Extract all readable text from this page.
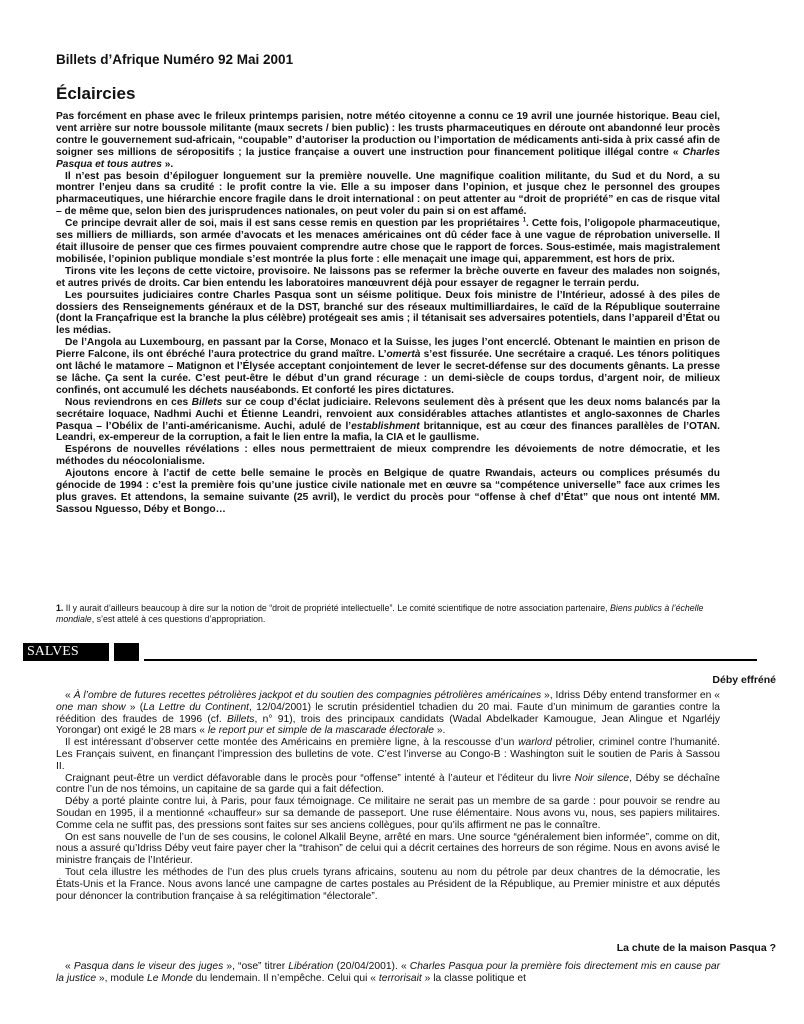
Billets d’Afrique Numéro 92 Mai 2001
Éclaircies

Pas forcément en phase avec le frileux printemps parisien, notre météo citoyenne a connu ce 19 avril une journée historique. Beau ciel, vent arrière sur notre boussole militante (maux secrets / bien public) : les trusts pharmaceutiques en déroute ont abandonné leur procès contre le gouvernement sud-africain, “coupable” d’autoriser la production ou l’importation de médicaments anti-sida à prix cassé afin de soigner ses millions de séropositifs ; la justice française a ouvert une instruction pour financement politique illégal contre « Charles Pasqua et tous autres ».

Il n’est pas besoin d’épiloguer longuement sur la première nouvelle. Une magnifique coalition militante, du Sud et du Nord, a su montrer l’enjeu dans sa crudité : le profit contre la vie. Elle a su imposer dans l’opinion, et jusque chez le personnel des groupes pharmaceutiques, une hiérarchie encore fragile dans le droit international : on peut attenter au “droit de propriété” en cas de risque vital – de même que, selon bien des jurisprudences nationales, on peut voler du pain si on est affamé.

Ce principe devrait aller de soi, mais il est sans cesse remis en question par les propriétaires $^1$. Cette fois, l’oligopole pharmaceutique, ses milliers de milliards, son armée d’avocats et les menaces américaines ont dû céder face à une vague de réprobation universelle. Il était illusoire de penser que ces firmes pouvaient comprendre autre chose que le rapport de forces. Sous-estimée, mais magistralement mobilisée, l’opinion publique mondiale s’est montrée la plus forte : elle menaçait une image qui, apparemment, est hors de prix.

Tirons vite les leçons de cette victoire, provisoire. Ne laissons pas se refermer la brèche ouverte en faveur des malades non soignés, et autres privés de droits. Car bien entendu les laboratoires manœuvrent déjà pour essayer de regagner le terrain perdu.

Les poursuites judiciaires contre Charles Pasqua sont un séisme politique. Deux fois ministre de l’Intérieur, adossé à des piles de dossiers des Renseignements généraux et de la DST, branché sur des réseaux multimilliardaires, le caïd de la République souterraine (dont la Françafrique est la branche la plus célèbre) protégeait ses amis ; il tétanisait ses adversaires potentiels, dans l’appareil d’État ou les médias.

De l’Angola au Luxembourg, en passant par la Corse, Monaco et la Suisse, les juges l’ont encerclé. Obtenant le maintien en prison de Pierre Falcone, ils ont ébréché l’aura protectrice du grand maître. L’omertà s’est fissurée. Une secrétaire a craqué. Les ténors politiques ont lâché le matamore – Matignon et l’Élysée acceptant conjointement de lever le secret-défense sur des documents gênants. La presse se lâche. Ça sent la curée. C’est peut-être le début d’un grand récurage : un demi-siècle de coups tordus, d’argent noir, de milieux confinés, ont accumulé les déchets nauséabonds. Et conforté les pires dictatures.

Nous reviendrons en ces Billets sur ce coup d’éclat judiciaire. Relevons seulement dès à présent que les deux noms balancés par la secrétaire loquace, Nadhmi Auchi et Étienne Leandri, renvoient aux considérables attaches atlantistes et anglo-saxonnes de Charles Pasqua – l’Obélix de l’anti-américanisme. Auchi, adulé de l’establishment britannique, est au cœur des finances parallèles de l’OTAN. Leandri, ex-empereur de la corruption, a fait le lien entre la mafia, la CIA et le gaullisme.

Espérons de nouvelles révélations : elles nous permettraient de mieux comprendre les dévoiements de notre démocratie, et les méthodes du néocolonialisme.

Ajoutons encore à l’actif de cette belle semaine le procès en Belgique de quatre Rwandais, acteurs ou complices présumés du génocide de 1994 : c’est la première fois qu’une justice civile nationale met en œuvre sa “compétence universelle” face aux crimes les plus graves. Et attendons, la semaine suivante (25 avril), le verdict du procès pour “offense à chef d’État” que nous ont intenté MM. Sassou Nguesso, Déby et Bongo…

1. Il y aurait d’ailleurs beaucoup à dire sur la notion de “droit de propriété intellectuelle”. Le comité scientifique de notre association partenaire, Biens publics à l’échelle mondiale, s’est attelé à ces questions d’appropriation.
SALVES
Déby effréné

« À l’ombre de futures recettes pétrolières jackpot et du soutien des compagnies pétrolières américaines », Idriss Déby entend transformer en « one man show » (La Lettre du Continent, 12/04/2001) le scrutin présidentiel tchadien du 20 mai. Faute d’un minimum de garanties contre la réédition des fraudes de 1996 (cf. Billets, n° 91), trois des principaux candidats (Wadal Abdelkader Kamougue, Jean Alingue et Ngarléjy Yorongar) ont exigé le 28 mars « le report pur et simple de la mascarade électorale ».

Il est intéressant d’observer cette montée des Américains en première ligne, à la rescousse d’un warlord pétrolier, criminel contre l’humanité. Les Français suivent, en finançant l’impression des bulletins de vote. C’est l’inverse au Congo-B : Washington suit le soutien de Paris à Sassou II.

Craignant peut-être un verdict défavorable dans le procès pour “offense” intenté à l’auteur et l’éditeur du livre Noir silence, Déby se déchaîne contre l’un de nos témoins, un capitaine de sa garde qui a fait défection.

Déby a porté plainte contre lui, à Paris, pour faux témoignage. Ce militaire ne serait pas un membre de sa garde : pour pouvoir se rendre au Soudan en 1995, il a mentionné «chauffeur» sur sa demande de passeport. Une ruse élémentaire. Nous avons vu, nous, ses papiers militaires. Comme cela ne suffit pas, des pressions sont faites sur ses anciens collègues, pour qu’ils affirment ne pas le connaître.

On est sans nouvelle de l’un de ses cousins, le colonel Alkalil Beyne, arrêté en mars. Une source “généralement bien informée”, comme on dit, nous a assuré qu’Idriss Déby veut faire payer cher la “trahison” de celui qui a décrit certaines des horreurs de son régime. Nous en avons avisé le ministre français de l’Intérieur.

Tout cela illustre les méthodes de l’un des plus cruels tyrans africains, soutenu au nom du pétrole par deux chantres de la démocratie, les États-Unis et la France. Nous avons lancé une campagne de cartes postales au Président de la République, au Premier ministre et aux députés pour dénoncer la contribution française à sa relégitimation “électorale”.

La chute de la maison Pasqua ?

« Pasqua dans le viseur des juges », “ose” titrer Libération (20/04/2001). « Charles Pasqua pour la première fois directement mis en cause par la justice », module Le Monde du lendemain. Il n’empêche. Celui qui « terrorisait » la classe politique et
